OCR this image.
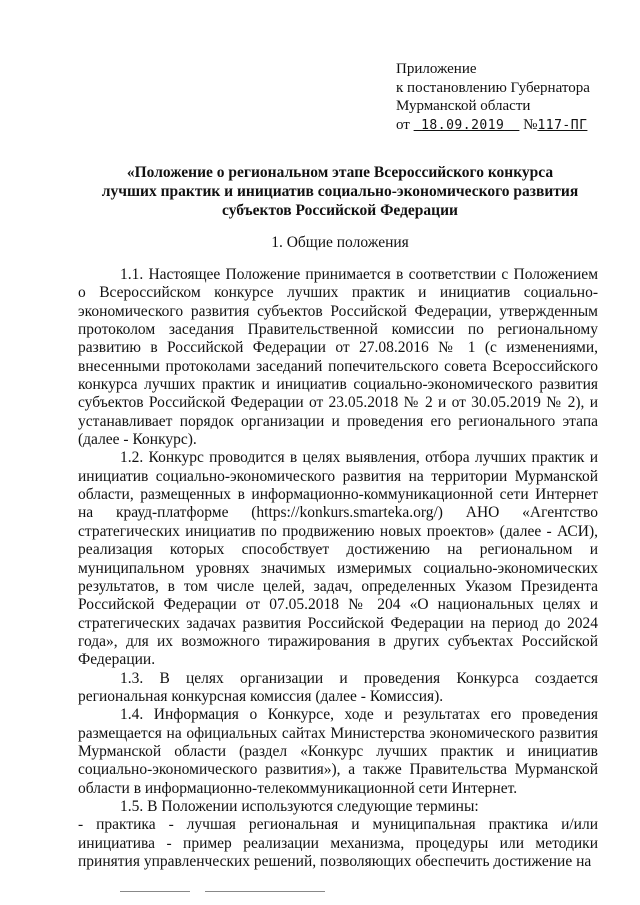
Приложение
к постановлению Губернатора
Мурманской области
от 18.09.2019 №117-ПГ
«Положение о региональном этапе Всероссийского конкурса
лучших практик и инициатив социально-экономического развития
субъектов Российской Федерации
1. Общие положения

1.1. Настоящее Положение принимается в соответствии с Положением о Всероссийском конкурсе лучших практик и инициатив социально-экономического развития субъектов Российской Федерации, утвержденным протоколом заседания Правительственной комиссии по региональному развитию в Российской Федерации от 27.08.2016 № 1 (с изменениями, внесенными протоколами заседаний попечительского совета Всероссийского конкурса лучших практик и инициатив социально-экономического развития субъектов Российской Федерации от 23.05.2018 № 2 и от 30.05.2019 № 2), и устанавливает порядок организации и проведения его регионального этапа (далее - Конкурс).

1.2. Конкурс проводится в целях выявления, отбора лучших практик и инициатив социально-экономического развития на территории Мурманской области, размещенных в информационно-коммуникационной сети Интернет на крауд-платформе (https://konkurs.smarteka.org/) АНО «Агентство стратегических инициатив по продвижению новых проектов» (далее - АСИ), реализация которых способствует достижению на региональном и муниципальном уровнях значимых измеримых социально-экономических результатов, в том числе целей, задач, определенных Указом Президента Российской Федерации от 07.05.2018 № 204 «О национальных целях и стратегических задачах развития Российской Федерации на период до 2024 года», для их возможного тиражирования в других субъектах Российской Федерации.

1.3. В целях организации и проведения Конкурса создается региональная конкурсная комиссия (далее - Комиссия).

1.4. Информация о Конкурсе, ходе и результатах его проведения размещается на официальных сайтах Министерства экономического развития Мурманской области (раздел «Конкурс лучших практик и инициатив социально-экономического развития»), а также Правительства Мурманской области в информационно-телекоммуникационной сети Интернет.

1.5. В Положении используются следующие термины:

- практика - лучшая региональная и муниципальная практика и/или инициатива - пример реализации механизма, процедуры или методики принятия управленческих решений, позволяющих обеспечить достижение на
